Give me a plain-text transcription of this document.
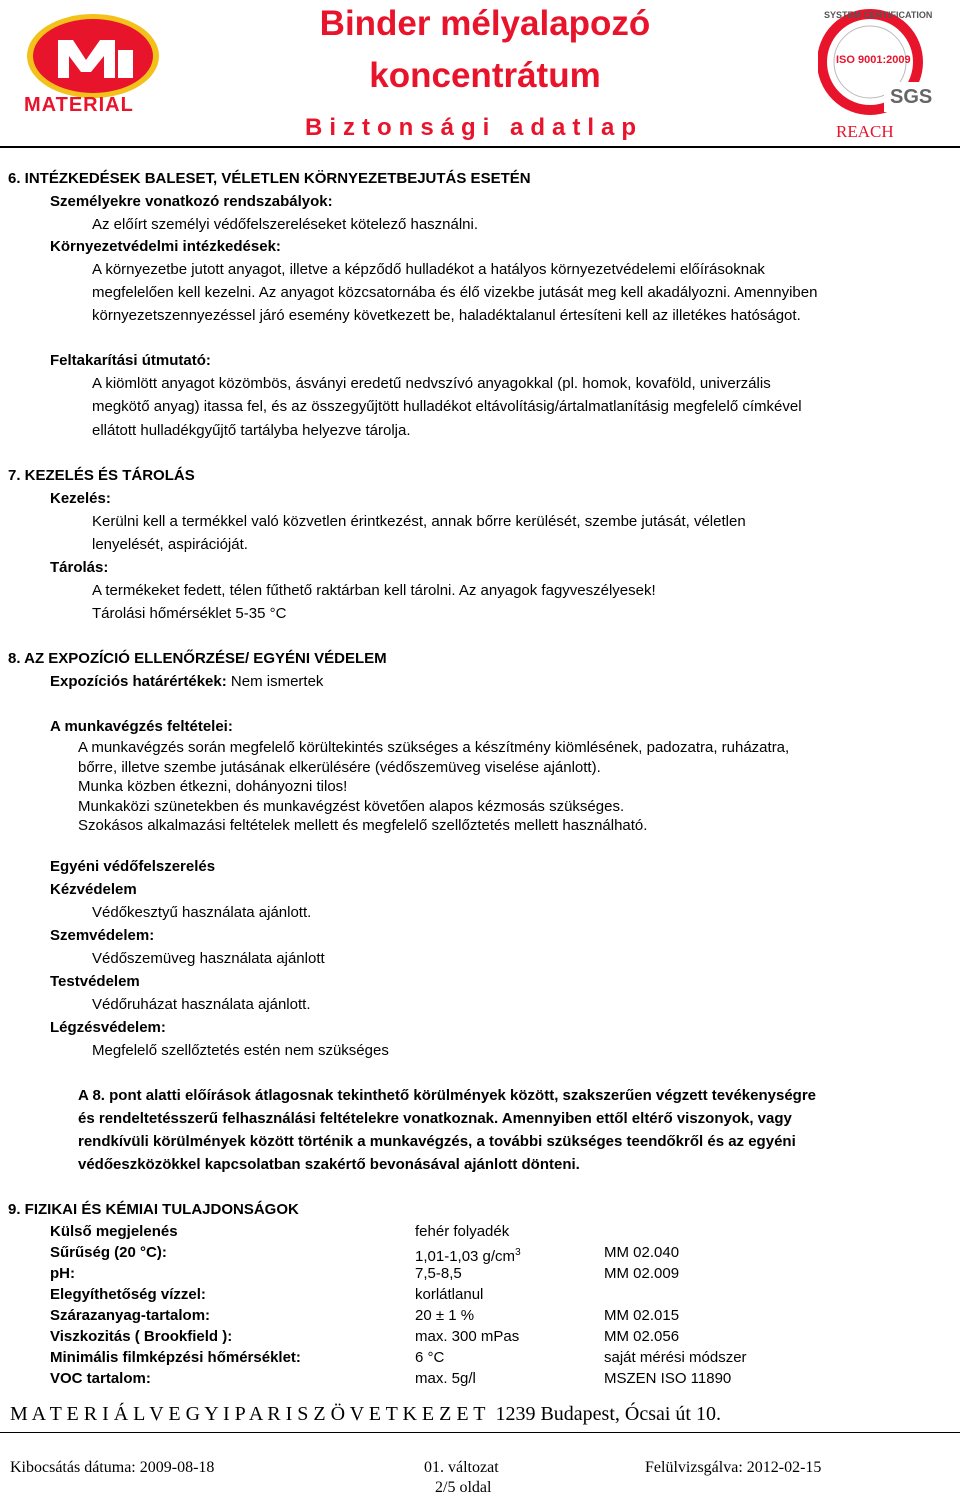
MATERIAL
Binder mélyalapozó
koncentrátum
Biztonsági adatlap
SYSTEM CERTIFICATION
ISO 9001:2009
SGS
REACH
6. INTÉZKEDÉSEK BALESET, VÉLETLEN KÖRNYEZETBEJUTÁS ESETÉN
Személyekre vonatkozó rendszabályok:
Az előírt személyi védőfelszereléseket kötelező használni.
Környezetvédelmi intézkedések:
A környezetbe jutott anyagot, illetve a képződő hulladékot a hatályos környezetvédelemi előírásoknak
megfelelően kell kezelni. Az anyagot közcsatornába és élő vizekbe jutását meg kell akadályozni. Amennyiben
környezetszennyezéssel járó esemény következett be, haladéktalanul értesíteni kell az illetékes hatóságot.
Feltakarítási útmutató:
A kiömlött anyagot közömbös, ásványi eredetű nedvszívó anyagokkal (pl. homok, kovaföld, univerzális
megkötő anyag) itassa fel, és az összegyűjtött hulladékot eltávolításig/ártalmatlanításig megfelelő címkével
ellátott hulladékgyűjtő tartályba helyezve tárolja.
7. KEZELÉS ÉS TÁROLÁS
Kezelés:
Kerülni kell a termékkel való közvetlen érintkezést, annak bőrre kerülését, szembe jutását, véletlen
lenyelését, aspirációját.
Tárolás:
A termékeket fedett, télen fűthető raktárban kell tárolni. Az anyagok fagyveszélyesek!
Tárolási hőmérséklet 5-35 °C
8. AZ EXPOZÍCIÓ ELLENŐRZÉSE/ EGYÉNI VÉDELEM
Expozíciós határértékek: Nem ismertek
A munkavégzés feltételei:
A munkavégzés során megfelelő körültekintés szükséges a készítmény kiömlésének, padozatra, ruházatra,
bőrre, illetve szembe jutásának elkerülésére (védőszemüveg viselése ajánlott).
Munka közben étkezni, dohányozni tilos!
Munkaközi szünetekben és munkavégzést követően alapos kézmosás szükséges.
Szokásos alkalmazási feltételek mellett és megfelelő szellőztetés mellett használható.
Egyéni védőfelszerelés
Kézvédelem
Védőkesztyű használata ajánlott.
Szemvédelem:
Védőszemüveg használata ajánlott
Testvédelem
Védőruházat használata ajánlott.
Légzésvédelem:
Megfelelő szellőztetés estén nem szükséges
A 8. pont alatti előírások átlagosnak tekinthető körülmények között, szakszerűen végzett tevékenységre
és rendeltetésszerű felhasználási feltételekre vonatkoznak. Amennyiben ettől eltérő viszonyok, vagy
rendkívüli körülmények között történik a munkavégzés, a további szükséges teendőkről és az egyéni
védőeszközökkel kapcsolatban szakértő bevonásával ajánlott dönteni.
9. FIZIKAI ÉS KÉMIAI TULAJDONSÁGOK
Külső megjelenés	fehér folyadék
Sűrűség (20 °C):	1,01-1,03 $g/cm^3$	MM 02.040
pH:	7,5-8,5	MM 02.009
Elegyíthetőség vízzel:	korlátlanul
Szárazanyag-tartalom:	20 ± 1 %	MM 02.015
Viszkozitás ( Brookfield ):	max. 300 mPas	MM 02.056
Minimális filmképzési hőmérséklet:	6 °C	saját mérési módszer
VOC tartalom:	max. 5g/l	MSZEN ISO 11890
M A T E R I Á L V E G Y I P A R I S Z Ö V E T K E Z E T 1239 Budapest, Ócsai út 10.
Kibocsátás dátuma: 2009-08-18	01. változat	Felülvizsgálva: 2012-02-15
2/5 oldal
